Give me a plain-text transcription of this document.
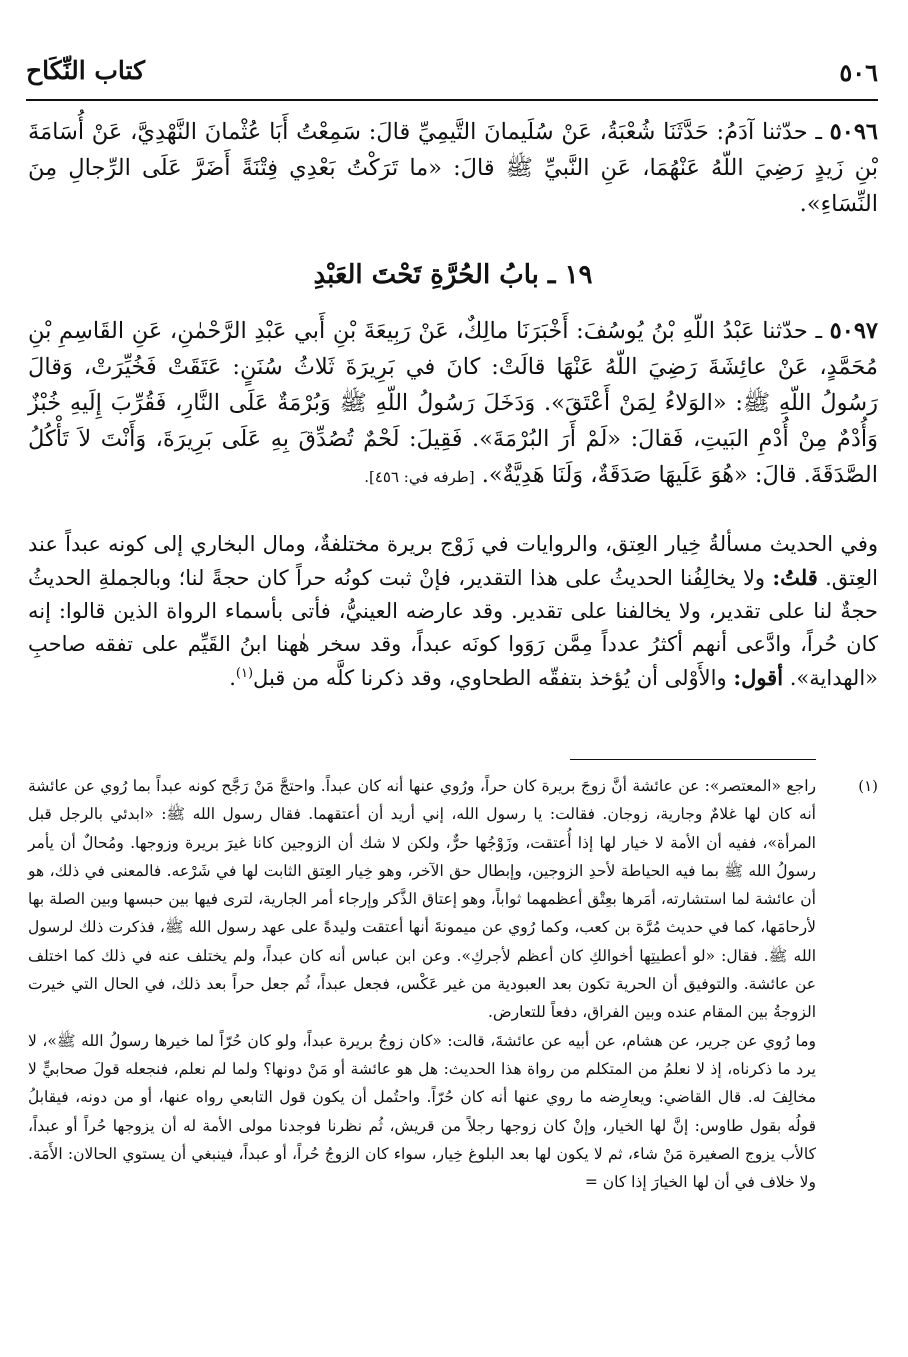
٥٠٦
كتاب النِّكَاح
٥٠٩٦ ـ حدّثنا آدَمُ: حَدَّثَنَا شُعْبَةُ، عَنْ سُلَيمانَ التَّيمِيِّ قالَ: سَمِعْتُ أَبَا عُثْمانَ النَّهْدِيَّ، عَنْ أُسَامَةَ بْنِ زَيدٍ رَضِيَ اللّهُ عَنْهُمَا، عَنِ النَّبيِّ ﷺ قالَ: «ما تَرَكْتُ بَعْدِي فِتْنَةً أَضَرَّ عَلَى الرِّجالِ مِنَ النِّسَاءِ».
١٩ ـ بابُ الحُرَّةِ تَحْتَ العَبْدِ
٥٠٩٧ ـ حدّثنا عَبْدُ اللّهِ بْنُ يُوسُفَ: أَخْبَرَنَا مالِكٌ، عَنْ رَبِيعَةَ بْنِ أَبي عَبْدِ الرَّحْمٰنِ، عَنِ القَاسِمِ بْنِ مُحَمَّدٍ، عَنْ عائِشَةَ رَضِيَ اللّهُ عَنْهَا قالَتْ: كانَ في بَرِيرَةَ ثَلاثُ سُنَنٍ: عَتَقَتْ فَخُيِّرَتْ، وَقالَ رَسُولُ اللّهِ ﷺ: «الوَلاءُ لِمَنْ أَعْتَقَ». وَدَخَلَ رَسُولُ اللّهِ ﷺ وَبُرْمَةٌ عَلَى النَّارِ، فَقُرِّبَ إِلَيهِ خُبْزٌ وَأُدْمٌ مِنْ أُدْمِ البَيتِ، فَقالَ: «لَمْ أَرَ البُرْمَةَ». فَقِيلَ: لَحْمٌ تُصُدِّقَ بِهِ عَلَى بَرِيرَةَ، وَأَنْتَ لاَ تَأْكُلُ الصَّدَقَةَ. قالَ: «هُوَ عَلَيهَا صَدَقَةٌ، وَلَنَا هَدِيَّةٌ». [طرفه في: ٤٥٦].
وفي الحديث مسألةُ خِيار العِتق، والروايات في زَوْج بريرة مختلفةٌ، ومال البخاري إلى كونه عبداً عند العِتق. قلتُ: ولا يخالِفُنا الحديثُ على هذا التقدير، فإنْ ثبت كونُه حراً كان حجةً لنا؛ وبالجملةِ الحديثُ حجةٌ لنا على تقدير، ولا يخالفنا على تقدير. وقد عارضه العينيُّ، فأتى بأسماء الرواة الذين قالوا: إنه كان حُراً، وادَّعى أنهم أكثرُ عدداً مِمَّن رَوَوا كونَه عبداً، وقد سخر هٰهنا ابنُ القَيِّم على تفقه صاحبِ «الهداية». أقول: والأَوْلى أن يُؤخذ بتفقّه الطحاوي، وقد ذكرنا كلَّه من قبل$^{(١)}$.
(١)

راجع «المعتصر»: عن عائشة أنَّ زوجَ بريرة كان حراً، ورُوي عنها أنه كان عبداً. واحتجَّ مَنْ رَجَّح كونه عبداً بما رُوي عن عائشة أنه كان لها غلامٌ وجارية، زوجان. فقالت: يا رسول الله، إني أريد أن أعتقهما. فقال رسول الله ﷺ: «ابدئي بالرجل قبل المرأة»، ففيه أن الأمة لا خيار لها إذا أُعتقت، وزَوْجُها حرٌّ، ولكن لا شك أن الزوجين كانا غيرَ بريرة وزوجها. ومُحالٌ أن يأمر رسولُ الله ﷺ بما فيه الحياطة لأحدِ الزوجين، وإبطال حق الآخر، وهو خِيار العِتق الثابت لها في شَرْعه. فالمعنى في ذلك، هو أن عائشة لما استشارته، أمَرها بعِتْق أعظمهما ثواباً، وهو إعتاق الذَّكر وإرجاء أمر الجارية، لترى فيها بين حبسها وبين الصلة بها لأرحامَها، كما في حديث مُرَّة بن كعب، وكما رُوي عن ميمونةَ أنها أعتقت وليدةً على عهد رسول الله ﷺ، فذكرت ذلك لرسول الله ﷺ. فقال: «لو أعطيتِها أخوالكِ كان أعظم لأجركِ». وعن ابن عباس أنه كان عبداً، ولم يختلف عنه في ذلك كما اختلف عن عائشة. والتوفيق أن الحرية تكون بعد العبودية من غير عَكْس، فجعل عبداً، ثُم جعل حراً بعد ذلك، في الحال التي خيرت الزوجةُ بين المقام عنده وبين الفراق، دفعاً للتعارض.

وما رُوي عن جرير، عن هشام، عن أبيه عن عائشةَ، قالت: «كان زوجُ بريرة عبداً، ولو كان حُرّاً لما خيرها رسولُ الله ﷺ»، لا يرد ما ذكرناه، إذ لا نعلمُ من المتكلم من رواة هذا الحديث: هل هو عائشة أو مَنْ دونها؟ ولما لم نعلم، فنجعله قولَ صحابيٍّ لا مخالِفَ له. قال القاضي: ويعارِضه ما روي عنها أنه كان حُرّاً. واحتُمل أن يكون قول التابعي رواه عنها، أو من دونه، فيقابلُ قولُه بقول طاوس: إنَّ لها الخيار، وإنْ كان زوجها رجلاً من قريش، ثُم نظرنا فوجدنا مولى الأمة له أن يزوجها حُراً أو عبداً، كالأب يزوج الصغيرة مَنْ شاء، ثم لا يكون لها بعد البلوغ خِيار، سواء كان الزوجُ حُراً، أو عبداً، فينبغي أن يستوي الحالان: الأَمَة. ولا خلاف في أن لها الخيارَ إذا كان =
